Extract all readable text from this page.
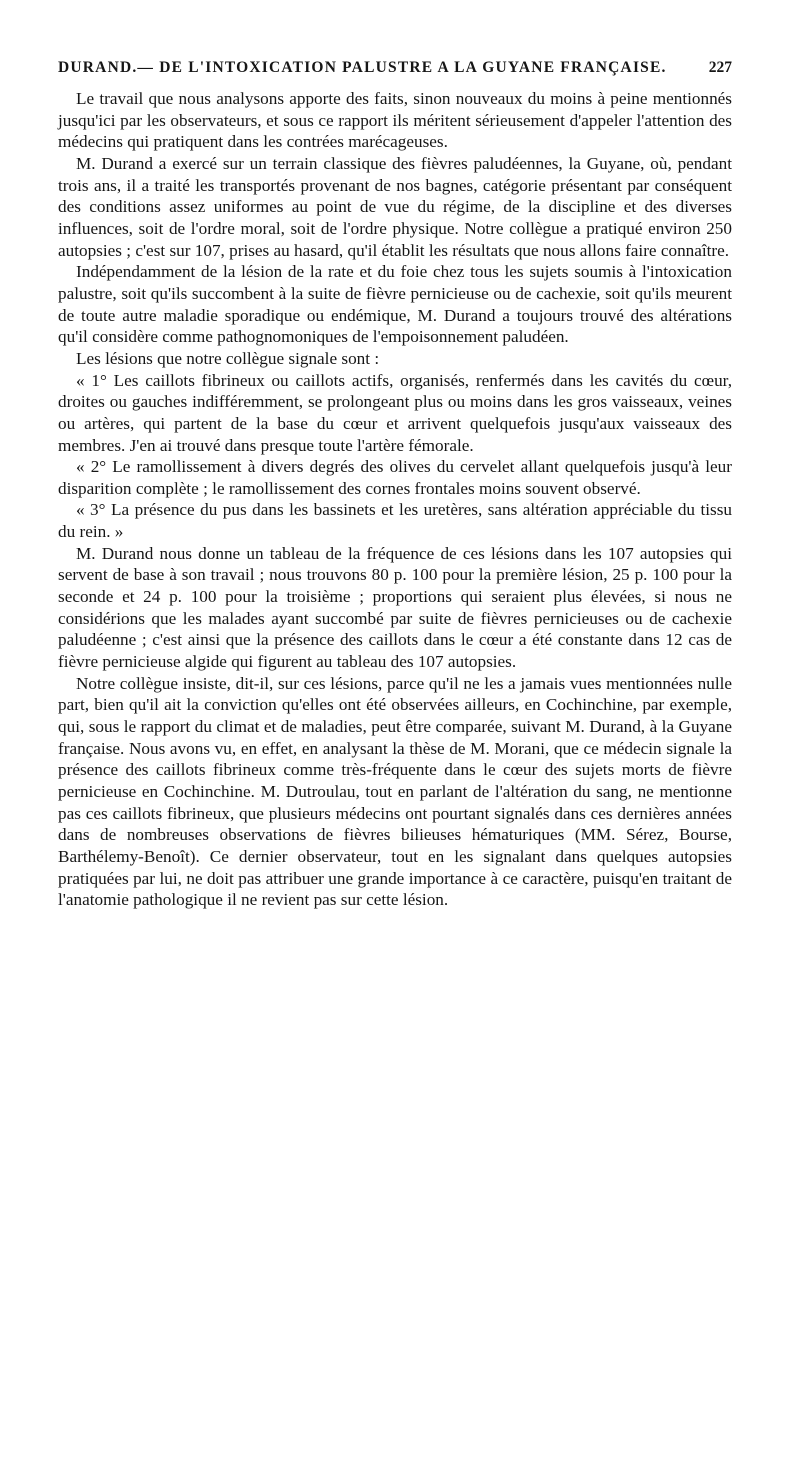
DURAND.— DE L'INTOXICATION PALUSTRE A LA GUYANE FRANÇAISE.	227

Le travail que nous analysons apporte des faits, sinon nouveaux du moins à peine mentionnés jusqu'ici par les observateurs, et sous ce rapport ils méritent sérieusement d'appeler l'attention des médecins qui pratiquent dans les contrées marécageuses.

M. Durand a exercé sur un terrain classique des fièvres paludéennes, la Guyane, où, pendant trois ans, il a traité les transportés provenant de nos bagnes, catégorie présentant par conséquent des conditions assez uniformes au point de vue du régime, de la discipline et des diverses influences, soit de l'ordre moral, soit de l'ordre physique. Notre collègue a pratiqué environ 250 autopsies ; c'est sur 107, prises au hasard, qu'il établit les résultats que nous allons faire connaître.

Indépendamment de la lésion de la rate et du foie chez tous les sujets soumis à l'intoxication palustre, soit qu'ils succombent à la suite de fièvre pernicieuse ou de cachexie, soit qu'ils meurent de toute autre maladie sporadique ou endémique, M. Durand a toujours trouvé des altérations qu'il considère comme pathognomoniques de l'empoisonnement paludéen.

Les lésions que notre collègue signale sont :

« 1° Les caillots fibrineux ou caillots actifs, organisés, renfermés dans les cavités du cœur, droites ou gauches indifféremment, se prolongeant plus ou moins dans les gros vaisseaux, veines ou artères, qui partent de la base du cœur et arrivent quelquefois jusqu'aux vaisseaux des membres. J'en ai trouvé dans presque toute l'artère fémorale.

« 2° Le ramollissement à divers degrés des olives du cervelet allant quelquefois jusqu'à leur disparition complète ; le ramollissement des cornes frontales moins souvent observé.

« 3° La présence du pus dans les bassinets et les uretères, sans altération appréciable du tissu du rein. »

M. Durand nous donne un tableau de la fréquence de ces lésions dans les 107 autopsies qui servent de base à son travail ; nous trouvons 80 p. 100 pour la première lésion, 25 p. 100 pour la seconde et 24 p. 100 pour la troisième ; proportions qui seraient plus élevées, si nous ne considérions que les malades ayant succombé par suite de fièvres pernicieuses ou de cachexie paludéenne ; c'est ainsi que la présence des caillots dans le cœur a été constante dans 12 cas de fièvre pernicieuse algide qui figurent au tableau des 107 autopsies.

Notre collègue insiste, dit-il, sur ces lésions, parce qu'il ne les a jamais vues mentionnées nulle part, bien qu'il ait la conviction qu'elles ont été observées ailleurs, en Cochinchine, par exemple, qui, sous le rapport du climat et de maladies, peut être comparée, suivant M. Durand, à la Guyane française. Nous avons vu, en effet, en analysant la thèse de M. Morani, que ce médecin signale la présence des caillots fibrineux comme très-fréquente dans le cœur des sujets morts de fièvre pernicieuse en Cochinchine. M. Dutroulau, tout en parlant de l'altération du sang, ne mentionne pas ces caillots fibrineux, que plusieurs médecins ont pourtant signalés dans ces dernières années dans de nombreuses observations de fièvres bilieuses hématuriques (MM. Sérez, Bourse, Barthélemy-Benoît). Ce dernier observateur, tout en les signalant dans quelques autopsies pratiquées par lui, ne doit pas attribuer une grande importance à ce caractère, puisqu'en traitant de l'anatomie pathologique il ne revient pas sur cette lésion.
